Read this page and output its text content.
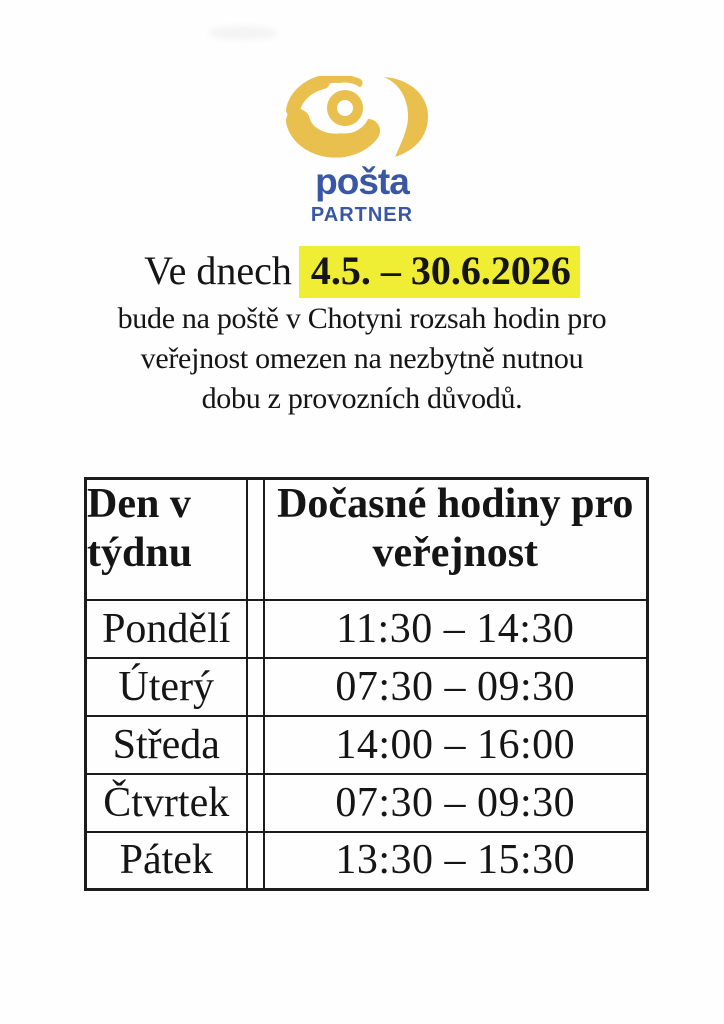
pošta
PARTNER
Ve dnech 4.5. – 30.6.2026
bude na poště v Chotyni rozsah hodin pro
veřejnost omezen na nezbytně nutnou
dobu z provozních důvodů.
Den v týdnu		Dočasné hodiny pro veřejnost
Pondělí		11:30 – 14:30
Úterý		07:30 – 09:30
Středa		14:00 – 16:00
Čtvrtek		07:30 – 09:30
Pátek		13:30 – 15:30
